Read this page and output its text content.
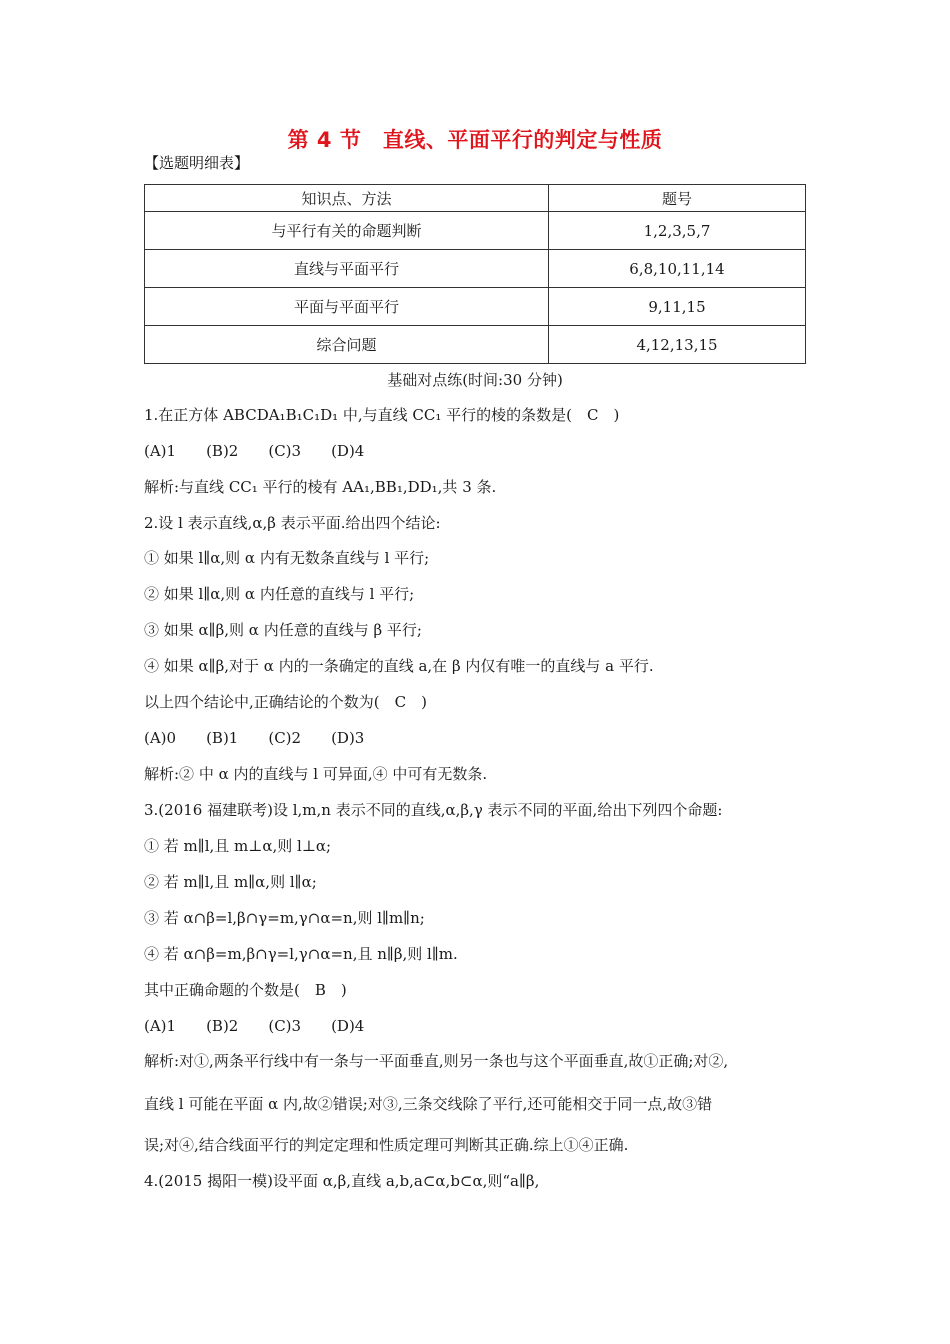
第 4 节　直线、平面平行的判定与性质
【选题明细表】
知识点、方法	题号
与平行有关的命题判断	1,2,3,5,7
直线与平面平行	6,8,10,11,14
平面与平面平行	9,11,15
综合问题	4,12,13,15
基础对点练(时间:30 分钟)
1.在正方体 ABCDA₁B₁C₁D₁ 中,与直线 CC₁ 平行的棱的条数是(　C　)
(A)1　　(B)2　　(C)3　　(D)4
解析:与直线 CC₁ 平行的棱有 AA₁,BB₁,DD₁,共 3 条.
2.设 l 表示直线,α,β 表示平面.给出四个结论:
① 如果 l∥α,则 α 内有无数条直线与 l 平行;
② 如果 l∥α,则 α 内任意的直线与 l 平行;
③ 如果 α∥β,则 α 内任意的直线与 β 平行;
④ 如果 α∥β,对于 α 内的一条确定的直线 a,在 β 内仅有唯一的直线与 a 平行.
以上四个结论中,正确结论的个数为(　C　)
(A)0　　(B)1　　(C)2　　(D)3
解析:② 中 α 内的直线与 l 可异面,④ 中可有无数条.
3.(2016 福建联考)设 l,m,n 表示不同的直线,α,β,γ 表示不同的平面,给出下列四个命题:
① 若 m∥l,且 m⊥α,则 l⊥α;
② 若 m∥l,且 m∥α,则 l∥α;
③ 若 α∩β=l,β∩γ=m,γ∩α=n,则 l∥m∥n;
④ 若 α∩β=m,β∩γ=l,γ∩α=n,且 n∥β,则 l∥m.
其中正确命题的个数是(　B　)
(A)1　　(B)2　　(C)3　　(D)4
解析:对①,两条平行线中有一条与一平面垂直,则另一条也与这个平面垂直,故①正确;对②,
直线 l 可能在平面 α 内,故②错误;对③,三条交线除了平行,还可能相交于同一点,故③错
误;对④,结合线面平行的判定定理和性质定理可判断其正确.综上①④正确.
4.(2015 揭阳一模)设平面 α,β,直线 a,b,a⊂α,b⊂α,则“a∥β,
